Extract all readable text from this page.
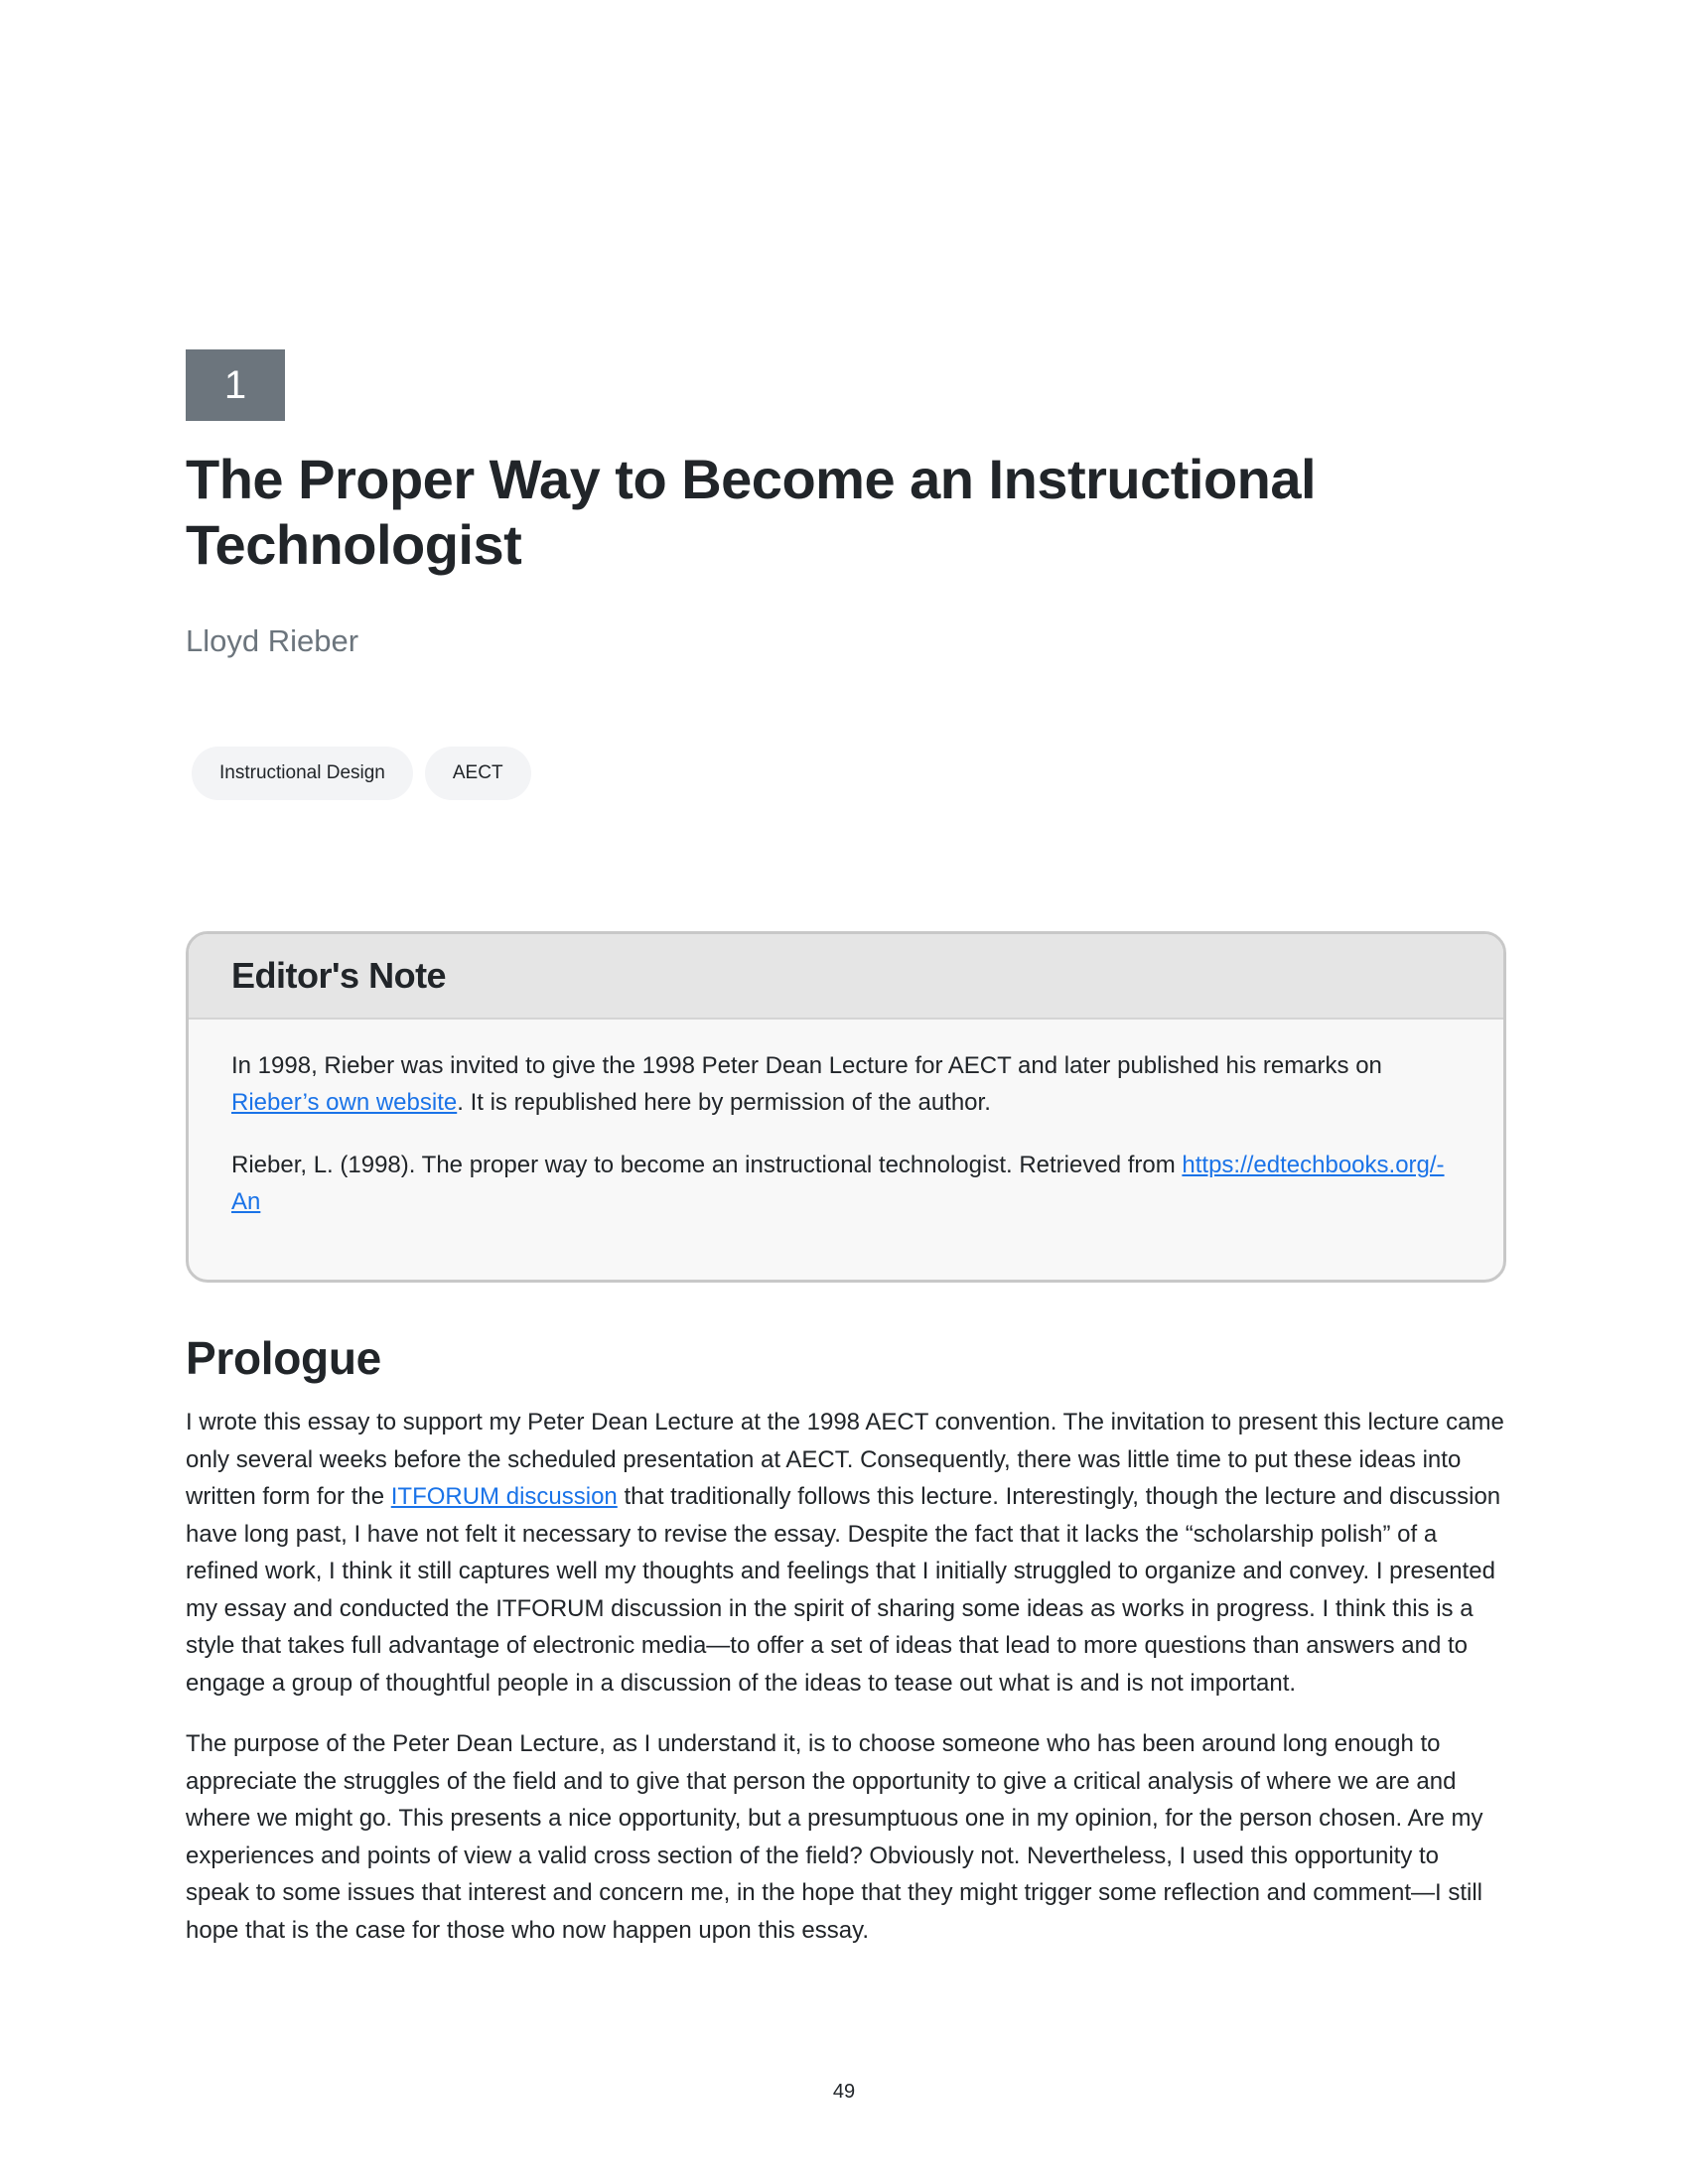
1
The Proper Way to Become an Instructional Technologist
Lloyd Rieber
Instructional Design	AECT
Editor's Note

In 1998, Rieber was invited to give the 1998 Peter Dean Lecture for AECT and later published his remarks on Rieber’s own website. It is republished here by permission of the author.

Rieber, L. (1998). The proper way to become an instructional technologist. Retrieved from https://edtechbooks.org/-An

Prologue

I wrote this essay to support my Peter Dean Lecture at the 1998 AECT convention. The invitation to present this lecture came only several weeks before the scheduled presentation at AECT. Consequently, there was little time to put these ideas into written form for the ITFORUM discussion that traditionally follows this lecture. Interestingly, though the lecture and discussion have long past, I have not felt it necessary to revise the essay. Despite the fact that it lacks the “scholarship polish” of a refined work, I think it still captures well my thoughts and feelings that I initially struggled to organize and convey. I presented my essay and conducted the ITFORUM discussion in the spirit of sharing some ideas as works in progress. I think this is a style that takes full advantage of electronic media—to offer a set of ideas that lead to more questions than answers and to engage a group of thoughtful people in a discussion of the ideas to tease out what is and is not important.

The purpose of the Peter Dean Lecture, as I understand it, is to choose someone who has been around long enough to appreciate the struggles of the field and to give that person the opportunity to give a critical analysis of where we are and where we might go. This presents a nice opportunity, but a presumptuous one in my opinion, for the person chosen. Are my experiences and points of view a valid cross section of the field? Obviously not. Nevertheless, I used this opportunity to speak to some issues that interest and concern me, in the hope that they might trigger some reflection and comment—I still hope that is the case for those who now happen upon this essay.

49
